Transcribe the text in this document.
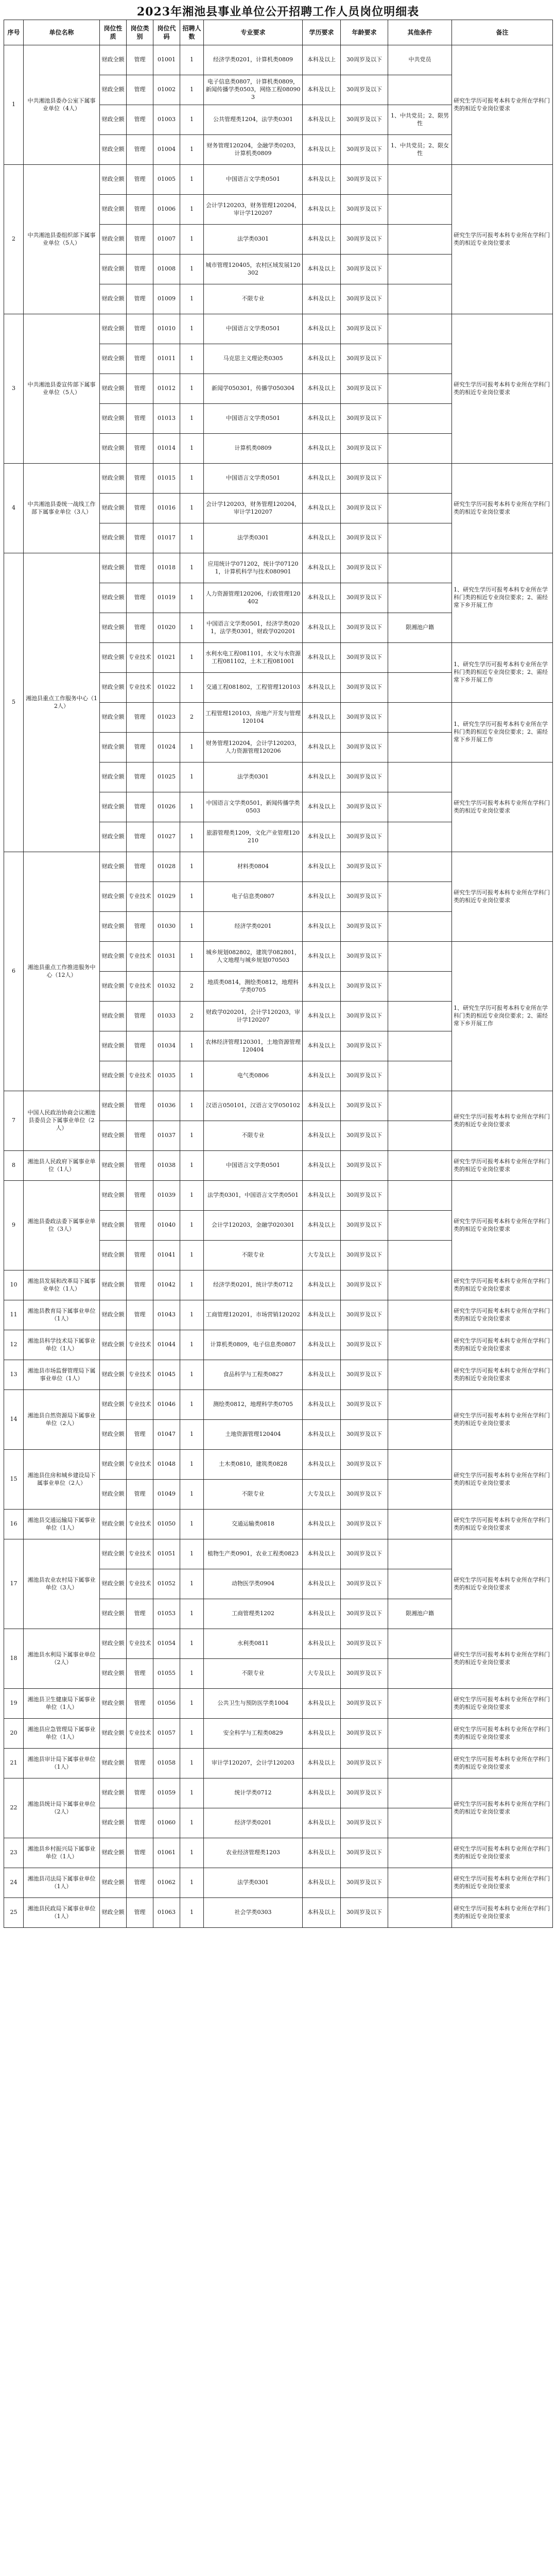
2023年湘池县事业单位公开招聘工作人员岗位明细表
序号	单位名称	岗位性质	岗位类别	岗位代码	招聘人数	专业要求	学历要求	年龄要求	其他条件	备注
1	中共湘池县委办公室下属事业单位（4人）	财政全额	管理	01001	1	经济学类0201，计算机类0809	本科及以上	30周岁及以下	中共党员	研究生学历可报考本科专业所在学科门类的相近专业岗位要求
		财政全额	管理	01002	1	电子信息类0807，计算机类0809，新闻传播学类0503，网络工程080903	本科及以上	30周岁及以下		
		财政全额	管理	01003	1	公共管理类1204，法学类0301	本科及以上	30周岁及以下	1、中共党员；2、限男性	
		财政全额	管理	01004	1	财务管理120204，金融学类0203，计算机类0809	本科及以上	30周岁及以下	1、中共党员；2、限女性	
2	中共湘池县委组织部下属事业单位（5人）	财政全额	管理	01005	1	中国语言文学类0501	本科及以上	30周岁及以下		研究生学历可报考本科专业所在学科门类的相近专业岗位要求
		财政全额	管理	01006	1	会计学120203，财务管理120204，审计学120207	本科及以上	30周岁及以下		
		财政全额	管理	01007	1	法学类0301	本科及以上	30周岁及以下		
		财政全额	管理	01008	1	城市管理120405，农村区域发展120302	本科及以上	30周岁及以下		
		财政全额	管理	01009	1	不限专业	本科及以上	30周岁及以下		
3	中共湘池县委宣传部下属事业单位（5人）	财政全额	管理	01010	1	中国语言文学类0501	本科及以上	30周岁及以下		研究生学历可报考本科专业所在学科门类的相近专业岗位要求
		财政全额	管理	01011	1	马克思主义理论类0305	本科及以上	30周岁及以下		
		财政全额	管理	01012	1	新闻学050301，传播学050304	本科及以上	30周岁及以下		
		财政全额	管理	01013	1	中国语言文学类0501	本科及以上	30周岁及以下		
		财政全额	管理	01014	1	计算机类0809	本科及以上	30周岁及以下		
4	中共湘池县委统一战线工作部下属事业单位（3人）	财政全额	管理	01015	1	中国语言文学类0501	本科及以上	30周岁及以下		研究生学历可报考本科专业所在学科门类的相近专业岗位要求
		财政全额	管理	01016	1	会计学120203，财务管理120204，审计学120207	本科及以上	30周岁及以下		
		财政全额	管理	01017	1	法学类0301	本科及以上	30周岁及以下		
5	湘池县重点工作服务中心（12人）	财政全额	管理	01018	1	应用统计学071202，统计学071201，计算机科学与技术080901	本科及以上	30周岁及以下		1、研究生学历可报考本科专业所在学科门类的相近专业岗位要求；2、需经常下乡开展工作
		财政全额	管理	01019	1	人力资源管理120206，行政管理120402	本科及以上	30周岁及以下		
		财政全额	管理	01020	1	中国语言文学类0501，经济学类0201，法学类0301，财政学020201	本科及以上	30周岁及以下	限湘池户籍	
		财政全额	专业技术	01021	1	水利水电工程081101，水文与水资源工程081102，土木工程081001	本科及以上	30周岁及以下		1、研究生学历可报考本科专业所在学科门类的相近专业岗位要求；2、需经常下乡开展工作
		财政全额	专业技术	01022	1	交通工程081802，工程管理120103	本科及以上	30周岁及以下		
		财政全额	管理	01023	2	工程管理120103，房地产开发与管理120104	本科及以上	30周岁及以下		1、研究生学历可报考本科专业所在学科门类的相近专业岗位要求；2、需经常下乡开展工作
		财政全额	管理	01024	1	财务管理120204，会计学120203，人力资源管理120206	本科及以上	30周岁及以下		
		财政全额	管理	01025	1	法学类0301	本科及以上	30周岁及以下		研究生学历可报考本科专业所在学科门类的相近专业岗位要求
		财政全额	管理	01026	1	中国语言文学类0501，新闻传播学类0503	本科及以上	30周岁及以下		
		财政全额	管理	01027	1	旅游管理类1209，文化产业管理120210	本科及以上	30周岁及以下		
6	湘池县重点工作推进服务中心（12人）	财政全额	管理	01028	1	材料类0804	本科及以上	30周岁及以下		研究生学历可报考本科专业所在学科门类的相近专业岗位要求
		财政全额	专业技术	01029	1	电子信息类0807	本科及以上	30周岁及以下		
		财政全额	管理	01030	1	经济学类0201	本科及以上	30周岁及以下		
		财政全额	专业技术	01031	1	城乡规划082802，建筑学082801，人文地理与城乡规划070503	本科及以上	30周岁及以下		1、研究生学历可报考本科专业所在学科门类的相近专业岗位要求；2、需经常下乡开展工作
		财政全额	专业技术	01032	2	地质类0814，测绘类0812，地理科学类0705	本科及以上	30周岁及以下		
		财政全额	管理	01033	2	财政学020201，会计学120203，审计学120207	本科及以上	30周岁及以下		
		财政全额	管理	01034	1	农林经济管理120301，土地资源管理120404	本科及以上	30周岁及以下		
		财政全额	专业技术	01035	1	电气类0806	本科及以上	30周岁及以下		
7	中国人民政治协商会议湘池县委员会下属事业单位（2人）	财政全额	管理	01036	1	汉语言050101，汉语言文学050102	本科及以上	30周岁及以下		研究生学历可报考本科专业所在学科门类的相近专业岗位要求
		财政全额	管理	01037	1	不限专业	本科及以上	30周岁及以下		
8	湘池县人民政府下属事业单位（1人）	财政全额	管理	01038	1	中国语言文学类0501	本科及以上	30周岁及以下		研究生学历可报考本科专业所在学科门类的相近专业岗位要求
9	湘池县委政法委下属事业单位（3人）	财政全额	管理	01039	1	法学类0301，中国语言文学类0501	本科及以上	30周岁及以下		研究生学历可报考本科专业所在学科门类的相近专业岗位要求
		财政全额	管理	01040	1	会计学120203，金融学020301	本科及以上	30周岁及以下		
		财政全额	管理	01041	1	不限专业	大专及以上	30周岁及以下		
10	湘池县发展和改革局下属事业单位（1人）	财政全额	管理	01042	1	经济学类0201，统计学类0712	本科及以上	30周岁及以下		研究生学历可报考本科专业所在学科门类的相近专业岗位要求
11	湘池县教育局下属事业单位（1人）	财政全额	管理	01043	1	工商管理120201，市场营销120202	本科及以上	30周岁及以下		研究生学历可报考本科专业所在学科门类的相近专业岗位要求
12	湘池县科学技术局下属事业单位（1人）	财政全额	专业技术	01044	1	计算机类0809，电子信息类0807	本科及以上	30周岁及以下		研究生学历可报考本科专业所在学科门类的相近专业岗位要求
13	湘池县市场监督管理局下属事业单位（1人）	财政全额	专业技术	01045	1	食品科学与工程类0827	本科及以上	30周岁及以下		研究生学历可报考本科专业所在学科门类的相近专业岗位要求
14	湘池县自然资源局下属事业单位（2人）	财政全额	专业技术	01046	1	测绘类0812，地理科学类0705	本科及以上	30周岁及以下		研究生学历可报考本科专业所在学科门类的相近专业岗位要求
		财政全额	管理	01047	1	土地资源管理120404	本科及以上	30周岁及以下		
15	湘池县住房和城乡建设局下属事业单位（2人）	财政全额	专业技术	01048	1	土木类0810，建筑类0828	本科及以上	30周岁及以下		研究生学历可报考本科专业所在学科门类的相近专业岗位要求
		财政全额	管理	01049	1	不限专业	大专及以上	30周岁及以下		
16	湘池县交通运输局下属事业单位（1人）	财政全额	专业技术	01050	1	交通运输类0818	本科及以上	30周岁及以下		研究生学历可报考本科专业所在学科门类的相近专业岗位要求
17	湘池县农业农村局下属事业单位（3人）	财政全额	专业技术	01051	1	植物生产类0901，农业工程类0823	本科及以上	30周岁及以下		研究生学历可报考本科专业所在学科门类的相近专业岗位要求
		财政全额	专业技术	01052	1	动物医学类0904	本科及以上	30周岁及以下		
		财政全额	管理	01053	1	工商管理类1202	本科及以上	30周岁及以下	限湘池户籍	
18	湘池县水利局下属事业单位（2人）	财政全额	专业技术	01054	1	水利类0811	本科及以上	30周岁及以下		研究生学历可报考本科专业所在学科门类的相近专业岗位要求
		财政全额	管理	01055	1	不限专业	大专及以上	30周岁及以下		
19	湘池县卫生健康局下属事业单位（1人）	财政全额	管理	01056	1	公共卫生与预防医学类1004	本科及以上	30周岁及以下		研究生学历可报考本科专业所在学科门类的相近专业岗位要求
20	湘池县应急管理局下属事业单位（1人）	财政全额	专业技术	01057	1	安全科学与工程类0829	本科及以上	30周岁及以下		研究生学历可报考本科专业所在学科门类的相近专业岗位要求
21	湘池县审计局下属事业单位（1人）	财政全额	管理	01058	1	审计学120207，会计学120203	本科及以上	30周岁及以下		研究生学历可报考本科专业所在学科门类的相近专业岗位要求
22	湘池县统计局下属事业单位（2人）	财政全额	管理	01059	1	统计学类0712	本科及以上	30周岁及以下		研究生学历可报考本科专业所在学科门类的相近专业岗位要求
		财政全额	管理	01060	1	经济学类0201	本科及以上	30周岁及以下		
23	湘池县乡村振兴局下属事业单位（1人）	财政全额	管理	01061	1	农业经济管理类1203	本科及以上	30周岁及以下		研究生学历可报考本科专业所在学科门类的相近专业岗位要求
24	湘池县司法局下属事业单位（1人）	财政全额	管理	01062	1	法学类0301	本科及以上	30周岁及以下		研究生学历可报考本科专业所在学科门类的相近专业岗位要求
25	湘池县民政局下属事业单位（1人）	财政全额	管理	01063	1	社会学类0303	本科及以上	30周岁及以下		研究生学历可报考本科专业所在学科门类的相近专业岗位要求
